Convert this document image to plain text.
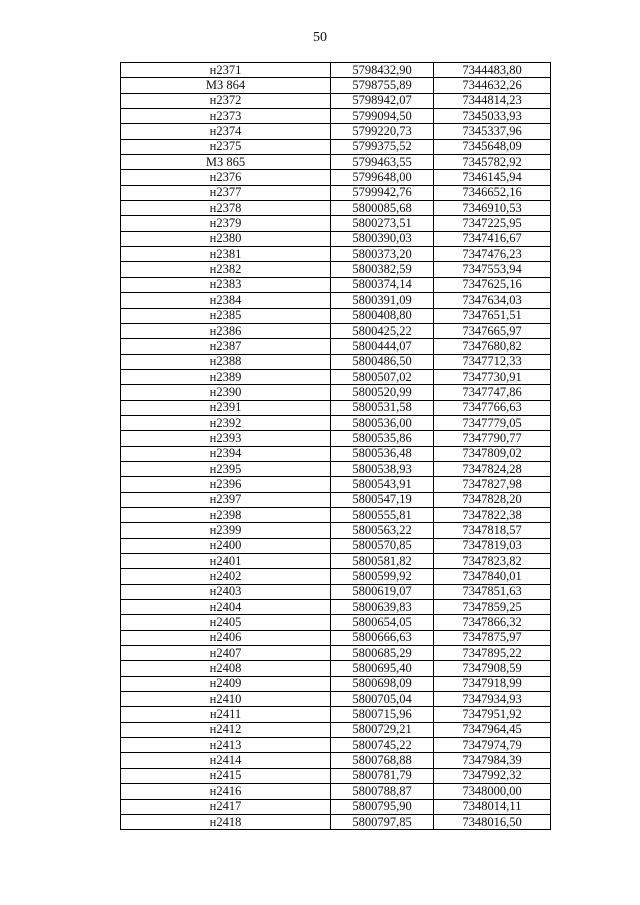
50
н2371	5798432,90	7344483,80
МЗ 864	5798755,89	7344632,26
н2372	5798942,07	7344814,23
н2373	5799094,50	7345033,93
н2374	5799220,73	7345337,96
н2375	5799375,52	7345648,09
МЗ 865	5799463,55	7345782,92
н2376	5799648,00	7346145,94
н2377	5799942,76	7346652,16
н2378	5800085,68	7346910,53
н2379	5800273,51	7347225,95
н2380	5800390,03	7347416,67
н2381	5800373,20	7347476,23
н2382	5800382,59	7347553,94
н2383	5800374,14	7347625,16
н2384	5800391,09	7347634,03
н2385	5800408,80	7347651,51
н2386	5800425,22	7347665,97
н2387	5800444,07	7347680,82
н2388	5800486,50	7347712,33
н2389	5800507,02	7347730,91
н2390	5800520,99	7347747,86
н2391	5800531,58	7347766,63
н2392	5800536,00	7347779,05
н2393	5800535,86	7347790,77
н2394	5800536,48	7347809,02
н2395	5800538,93	7347824,28
н2396	5800543,91	7347827,98
н2397	5800547,19	7347828,20
н2398	5800555,81	7347822,38
н2399	5800563,22	7347818,57
н2400	5800570,85	7347819,03
н2401	5800581,82	7347823,82
н2402	5800599,92	7347840,01
н2403	5800619,07	7347851,63
н2404	5800639,83	7347859,25
н2405	5800654,05	7347866,32
н2406	5800666,63	7347875,97
н2407	5800685,29	7347895,22
н2408	5800695,40	7347908,59
н2409	5800698,09	7347918,99
н2410	5800705,04	7347934,93
н2411	5800715,96	7347951,92
н2412	5800729,21	7347964,45
н2413	5800745,22	7347974,79
н2414	5800768,88	7347984,39
н2415	5800781,79	7347992,32
н2416	5800788,87	7348000,00
н2417	5800795,90	7348014,11
н2418	5800797,85	7348016,50
